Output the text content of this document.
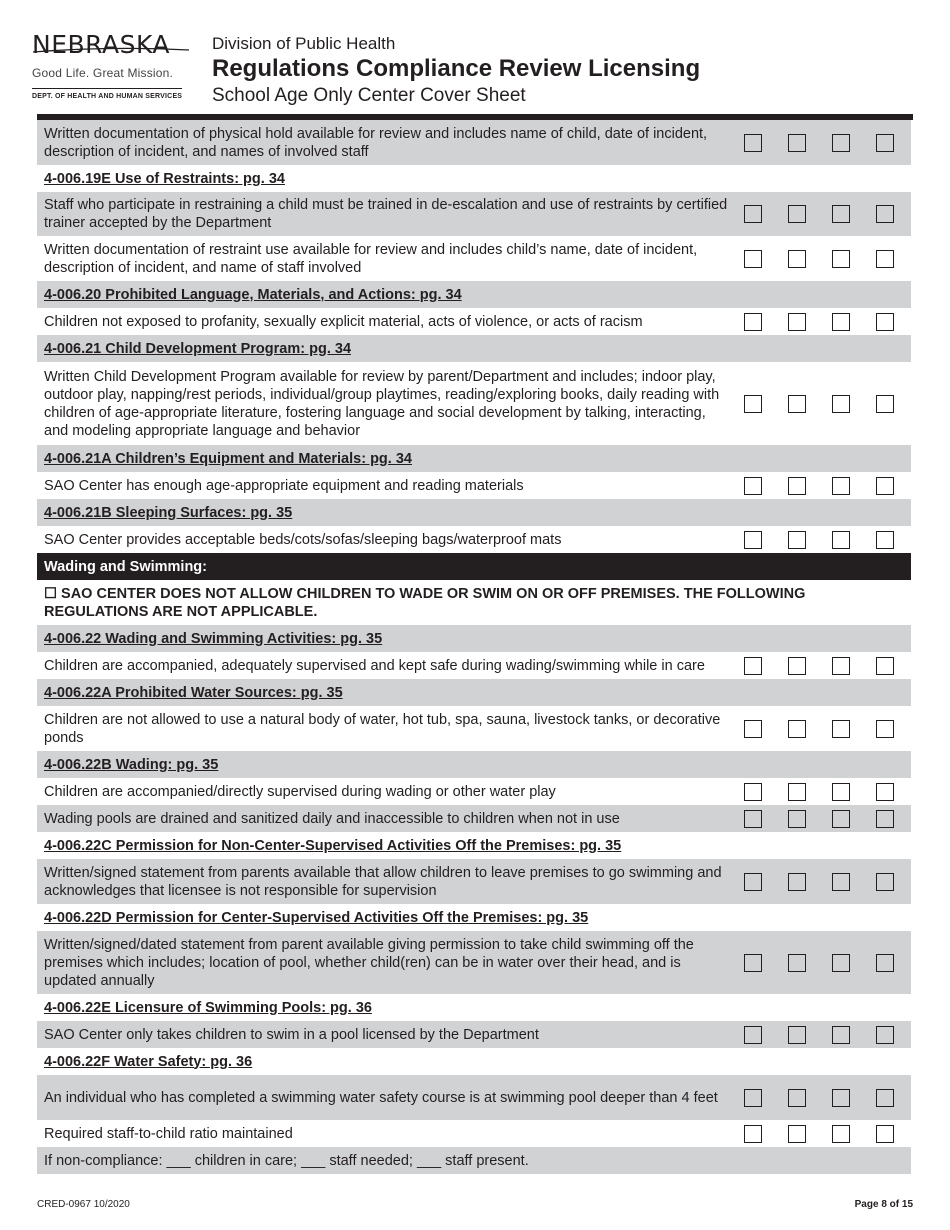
NEBRASKA
Good Life. Great Mission.
DEPT. OF HEALTH AND HUMAN SERVICES
Division of Public Health
Regulations Compliance Review Licensing
School Age Only Center Cover Sheet
Written documentation of physical hold available for review and includes name of child, date of incident, description of incident, and names of involved staff
4-006.19E Use of Restraints: pg. 34
Staff who participate in restraining a child must be trained in de-escalation and use of restraints by certified trainer accepted by the Department
Written documentation of restraint use available for review and includes child’s name, date of incident, description of incident, and name of staff involved
4-006.20 Prohibited Language, Materials, and Actions: pg. 34
Children not exposed to profanity, sexually explicit material, acts of violence, or acts of racism
4-006.21 Child Development Program: pg. 34
Written Child Development Program available for review by parent/Department and includes; indoor play, outdoor play, napping/rest periods, individual/group playtimes, reading/exploring books, daily reading with children of age-appropriate literature, fostering language and social development by talking, interacting, and modeling appropriate language and behavior
4-006.21A Children’s Equipment and Materials: pg. 34
SAO Center has enough age-appropriate equipment and reading materials
4-006.21B Sleeping Surfaces: pg. 35
SAO Center provides acceptable beds/cots/sofas/sleeping bags/waterproof mats
Wading and Swimming:
☐ SAO CENTER DOES NOT ALLOW CHILDREN TO WADE OR SWIM ON OR OFF PREMISES. THE FOLLOWING REGULATIONS ARE NOT APPLICABLE.
4-006.22 Wading and Swimming Activities: pg. 35
Children are accompanied, adequately supervised and kept safe during wading/swimming while in care
4-006.22A Prohibited Water Sources: pg. 35
Children are not allowed to use a natural body of water, hot tub, spa, sauna, livestock tanks, or decorative ponds
4-006.22B Wading: pg. 35
Children are accompanied/directly supervised during wading or other water play
Wading pools are drained and sanitized daily and inaccessible to children when not in use
4-006.22C Permission for Non-Center-Supervised Activities Off the Premises: pg. 35
Written/signed statement from parents available that allow children to leave premises to go swimming and acknowledges that licensee is not responsible for supervision
4-006.22D Permission for Center-Supervised Activities Off the Premises: pg. 35
Written/signed/dated statement from parent available giving permission to take child swimming off the premises which includes; location of pool, whether child(ren) can be in water over their head, and is updated annually
4-006.22E Licensure of Swimming Pools: pg. 36
SAO Center only takes children to swim in a pool licensed by the Department
4-006.22F Water Safety: pg. 36
An individual who has completed a swimming water safety course is at swimming pool deeper than 4 feet
Required staff-to-child ratio maintained
If non-compliance: ___ children in care; ___ staff needed; ___ staff present.
CRED-0967 10/2020	Page 8 of 15
